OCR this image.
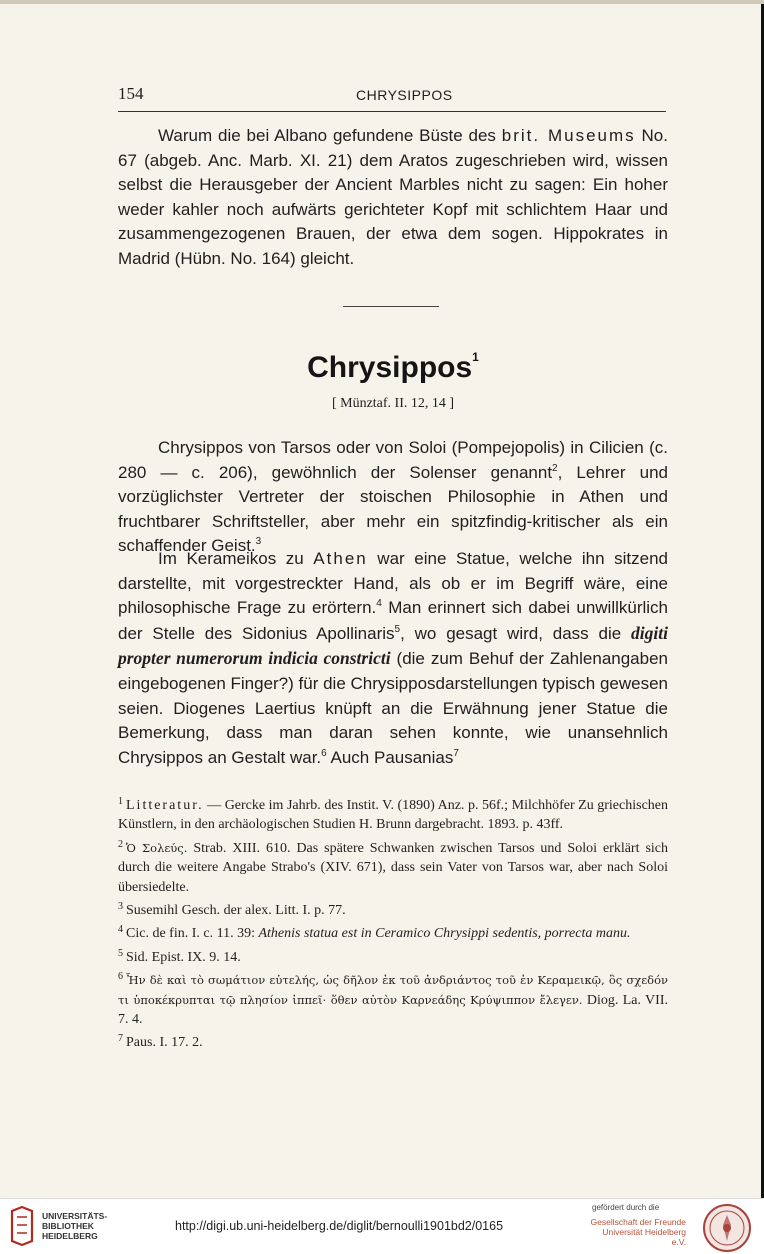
154	CHRYSIPPOS

Warum die bei Albano gefundene Büste des brit. Museums No. 67 (abgeb. Anc. Marb. XI. 21) dem Aratos zugeschrieben wird, wissen selbst die Herausgeber der Ancient Marbles nicht zu sagen: Ein hoher weder kahler noch aufwärts gerichteter Kopf mit schlichtem Haar und zusammengezogenen Brauen, der etwa dem sogen. Hippokrates in Madrid (Hübn. No. 164) gleicht.

Chrysippos$^1$
[ Münztaf. II. 12, 14 ]

Chrysippos von Tarsos oder von Soloi (Pompejopolis) in Cilicien (c. 280 — c. 206), gewöhnlich der Solenser genannt$^2$, Lehrer und vorzüglichster Vertreter der stoischen Philosophie in Athen und fruchtbarer Schriftsteller, aber mehr ein spitzfindig-kritischer als ein schaffender Geist.$^3$

Im Kerameikos zu Athen war eine Statue, welche ihn sitzend darstellte, mit vorgestreckter Hand, als ob er im Begriff wäre, eine philosophische Frage zu erörtern.$^4$ Man erinnert sich dabei unwillkürlich der Stelle des Sidonius Apollinaris$^5$, wo gesagt wird, dass die digiti propter numerorum indicia constricti (die zum Behuf der Zahlenangaben eingebogenen Finger?) für die Chrysipposdarstellungen typisch gewesen seien. Diogenes Laertius knüpft an die Erwähnung jener Statue die Bemerkung, dass man daran sehen konnte, wie unansehnlich Chrysippos an Gestalt war.$^6$ Auch Pausanias$^7$

$^1$ Litteratur. — Gercke im Jahrb. des Instit. V. (1890) Anz. p. 56f.; Milchhöfer Zu griechischen Künstlern, in den archäologischen Studien H. Brunn dargebracht. 1893. p. 43ff.
$^2$ Ὁ Σολεύς. Strab. XIII. 610. Das spätere Schwanken zwischen Tarsos und Soloi erklärt sich durch die weitere Angabe Strabo's (XIV. 671), dass sein Vater von Tarsos war, aber nach Soloi übersiedelte.
$^3$ Susemihl Gesch. der alex. Litt. I. p. 77.
$^4$ Cic. de fin. I. c. 11. 39: Athenis statua est in Ceramico Chrysippi sedentis, porrecta manu.
$^5$ Sid. Epist. IX. 9. 14.
$^6$ Ἦν δὲ καὶ τὸ σωμάτιον εὐτελής, ὡς δῆλον ἐκ τοῦ ἀνδριάντος τοῦ ἐν Κεραμεικῷ, ὃς σχεδόν τι ὑποκέκρυπται τῷ πλησίον ἱππεῖ· ὅθεν αὐτὸν Καρνεάδης Κρύψιππον ἔλεγεν. Diog. La. VII. 7. 4.
$^7$ Paus. I. 17. 2.
UNIVERSITÄTS-
BIBLIOTHEK
HEIDELBERG
http://digi.ub.uni-heidelberg.de/diglit/bernoulli1901bd2/0165
gefördert durch die
Gesellschaft der Freunde
Universität Heidelberg e.V.
